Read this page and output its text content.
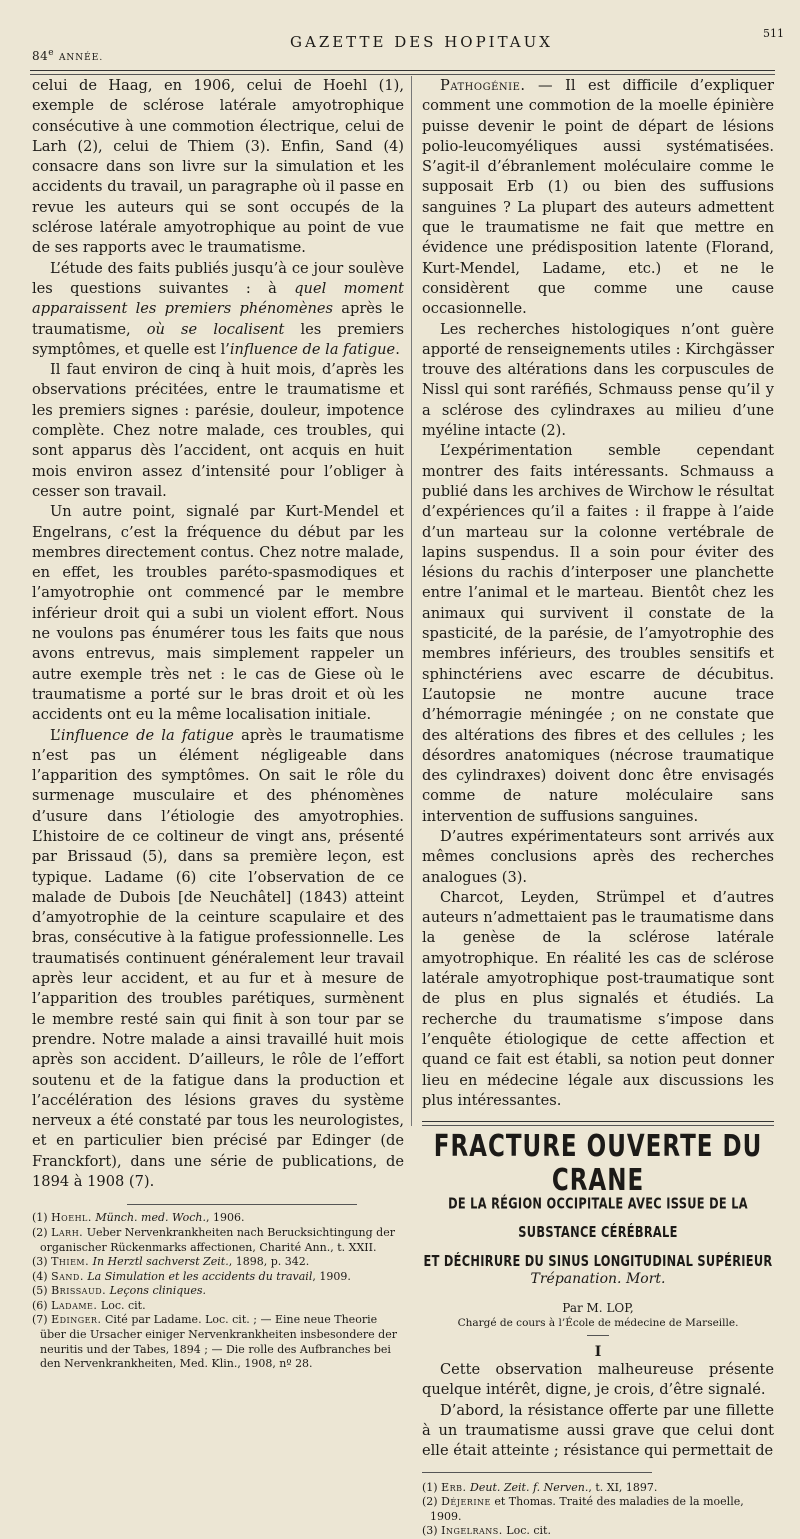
84e ANNÉE.
GAZETTE DES HOPITAUX	511

celui de Haag, en 1906, celui de Hoehl (1), exemple de sclérose latérale amyotrophique consécutive à une commotion électrique, celui de Larh (2), celui de Thiem (3). Enfin, Sand (4) consacre dans son livre sur la simulation et les accidents du travail, un paragraphe où il passe en revue les auteurs qui se sont occupés de la sclérose latérale amyotrophique au point de vue de ses rapports avec le traumatisme.

L’étude des faits publiés jusqu’à ce jour soulève les questions suivantes : à quel moment apparaissent les premiers phénomènes après le traumatisme, où se localisent les premiers symptômes, et quelle est l’influence de la fatigue.

Il faut environ de cinq à huit mois, d’après les observations précitées, entre le traumatisme et les premiers signes : parésie, douleur, impotence complète. Chez notre malade, ces troubles, qui sont apparus dès l’accident, ont acquis en huit mois environ assez d’intensité pour l’obliger à cesser son travail.

Un autre point, signalé par Kurt-Mendel et Engelrans, c’est la fréquence du début par les membres directement contus. Chez notre malade, en effet, les troubles paréto-spasmodiques et l’amyotrophie ont commencé par le membre inférieur droit qui a subi un violent effort. Nous ne voulons pas énumérer tous les faits que nous avons entrevus, mais simplement rappeler un autre exemple très net : le cas de Giese où le traumatisme a porté sur le bras droit et où les accidents ont eu la même localisation initiale.

L’influence de la fatigue après le traumatisme n’est pas un élément négligeable dans l’apparition des symptômes. On sait le rôle du surmenage musculaire et des phénomènes d’usure dans l’étiologie des amyotrophies. L’histoire de ce coltineur de vingt ans, présenté par Brissaud (5), dans sa première leçon, est typique. Ladame (6) cite l’observation de ce malade de Dubois [de Neuchâtel] (1843) atteint d’amyotrophie de la ceinture scapulaire et des bras, consécutive à la fatigue professionnelle. Les traumatisés continuent généralement leur travail après leur accident, et au fur et à mesure de l’apparition des troubles parétiques, surmènent le membre resté sain qui finit à son tour par se prendre. Notre malade a ainsi travaillé huit mois après son accident. D’ailleurs, le rôle de l’effort soutenu et de la fatigue dans la production et l’accélération des lésions graves du système nerveux a été constaté par tous les neurologistes, et en particulier bien précisé par Edinger (de Franckfort), dans une série de publications, de 1894 à 1908 (7).

(1) Hoehl. Münch. med. Woch., 1906.
(2) Larh. Ueber Nervenkrankheiten nach Berucksichtingung der organischer Rückenmarks affectionen, Charité Ann., t. XXII.
(3) Thiem. In Herztl sachverst Zeit., 1898, p. 342.
(4) Sand. La Simulation et les accidents du travail, 1909.
(5) Brissaud. Leçons cliniques.
(6) Ladame. Loc. cit.
(7) Edinger. Cité par Ladame. Loc. cit. ; — Eine neue Theorie über die Ursacher einiger Nervenkrankheiten insbesondere der neuritis und der Tabes, 1894 ; — Die rolle des Aufbranches bei den Nervenkrankheiten, Med. Klin., 1908, nº 28.

Pathogénie. — Il est difficile d’expliquer comment une commotion de la moelle épinière puisse devenir le point de départ de lésions polio-leucomyéliques aussi systématisées. S’agit-il d’ébranlement moléculaire comme le supposait Erb (1) ou bien des suffusions sanguines ? La plupart des auteurs admettent que le traumatisme ne fait que mettre en évidence une prédisposition latente (Florand, Kurt-Mendel, Ladame, etc.) et ne le considèrent que comme une cause occasionnelle.

Les recherches histologiques n’ont guère apporté de renseignements utiles : Kirchgässer trouve des altérations dans les corpuscules de Nissl qui sont raréfiés, Schmauss pense qu’il y a sclérose des cylindraxes au milieu d’une myéline intacte (2).

L’expérimentation semble cependant montrer des faits intéressants. Schmauss a publié dans les archives de Wirchow le résultat d’expériences qu’il a faites : il frappe à l’aide d’un marteau sur la colonne vertébrale de lapins suspendus. Il a soin pour éviter des lésions du rachis d’interposer une planchette entre l’animal et le marteau. Bientôt chez les animaux qui survivent il constate de la spasticité, de la parésie, de l’amyotrophie des membres inférieurs, des troubles sensitifs et sphinctériens avec escarre de décubitus. L’autopsie ne montre aucune trace d’hémorragie méningée ; on ne constate que des altérations des fibres et des cellules ; les désordres anatomiques (nécrose traumatique des cylindraxes) doivent donc être envisagés comme de nature moléculaire sans intervention de suffusions sanguines.

D’autres expérimentateurs sont arrivés aux mêmes conclusions après des recherches analogues (3).

Charcot, Leyden, Strümpel et d’autres auteurs n’admettaient pas le traumatisme dans la genèse de la sclérose latérale amyotrophique. En réalité les cas de sclérose latérale amyotrophique post-traumatique sont de plus en plus signalés et étudiés. La recherche du traumatisme s’impose dans l’enquête étiologique de cette affection et quand ce fait est établi, sa notion peut donner lieu en médecine légale aux discussions les plus intéressantes.

FRACTURE OUVERTE DU CRANE
DE LA RÉGION OCCIPITALE AVEC ISSUE DE LA SUBSTANCE CÉRÉBRALE
ET DÉCHIRURE DU SINUS LONGITUDINAL SUPÉRIEUR
Trépanation. Mort.
Par M. LOP,
Chargé de cours à l’École de médecine de Marseille.
I

Cette observation malheureuse présente quelque intérêt, digne, je crois, d’être signalé.

D’abord, la résistance offerte par une fillette à un traumatisme aussi grave que celui dont elle était atteinte ; résistance qui permettait de

(1) Erb. Deut. Zeit. f. Nerven., t. XI, 1897.
(2) Déjerine et Thomas. Traité des maladies de la moelle, 1909.
(3) Ingelrans. Loc. cit.
